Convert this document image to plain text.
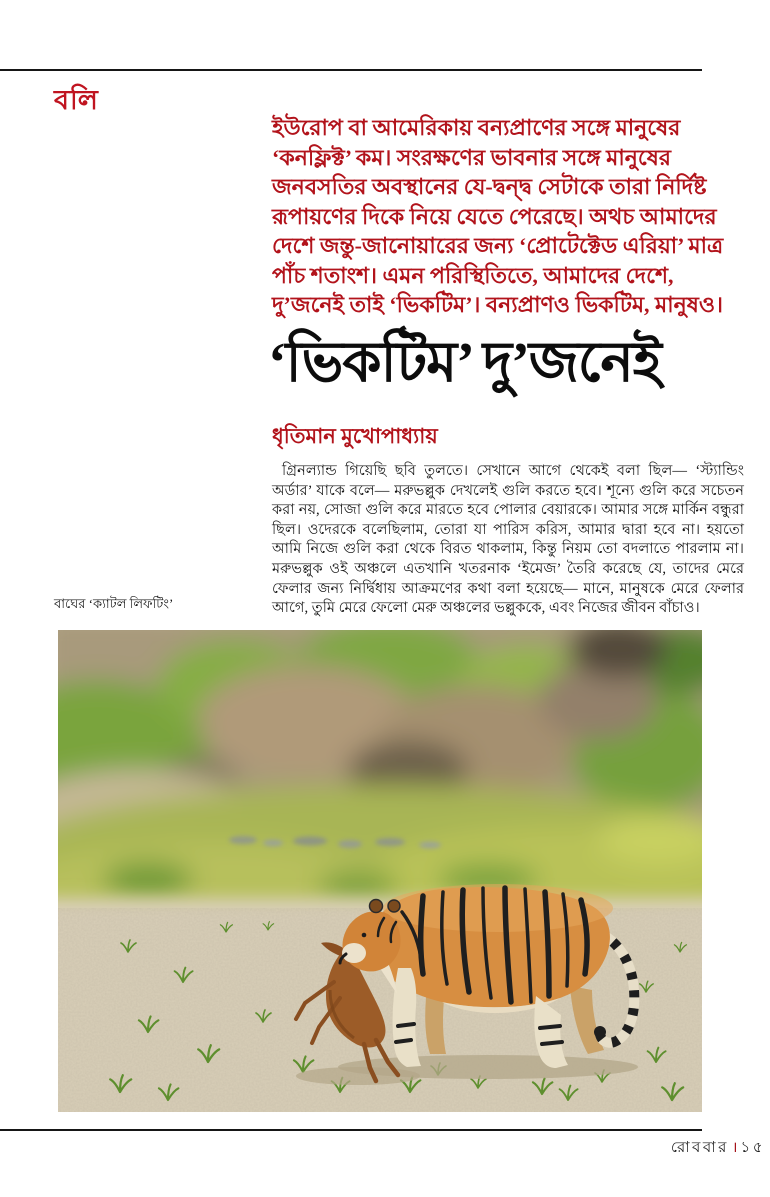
বলি
ইউরোপ বা আমেরিকায় বন্যপ্রাণের সঙ্গে মানুষের ‘কনফ্লিক্ট’ কম। সংরক্ষণের ভাবনার সঙ্গে মানুষের জনবসতির অবস্থানের যে-দ্বন্দ্ব সেটাকে তারা নির্দিষ্ট রূপায়ণের দিকে নিয়ে যেতে পেরেছে। অথচ আমাদের দেশে জন্তু-জানোয়ারের জন্য ‘প্রোটেক্টেড এরিয়া’ মাত্র পাঁচ শতাংশ। এমন পরিস্থিতিতে, আমাদের দেশে, দু’জনেই তাই ‘ভিকটিম’। বন্যপ্রাণও ভিকটিম, মানুষও।
‘ভিকটিম’ দু’জনেই
ধৃতিমান মুখোপাধ্যায়
গ্রিনল্যান্ড গিয়েছি ছবি তুলতে। সেখানে আগে থেকেই বলা ছিল— ‘স্ট্যান্ডিং অর্ডার’ যাকে বলে— মরুভল্লুক দেখলেই গুলি করতে হবে। শূন্যে গুলি করে সচেতন করা নয়, সোজা গুলি করে মারতে হবে পোলার বেয়ারকে। আমার সঙ্গে মার্কিন বন্ধুরা ছিল। ওদেরকে বলেছিলাম, তোরা যা পারিস করিস, আমার দ্বারা হবে না। হয়তো আমি নিজে গুলি করা থেকে বিরত থাকলাম, কিন্তু নিয়ম তো বদলাতে পারলাম না। মরুভল্লুক ওই অঞ্চলে এতখানি খতরনাক ‘ইমেজ’ তৈরি করেছে যে, তাদের মেরে ফেলার জন্য নির্দ্বিধায় আক্রমণের কথা বলা হয়েছে— মানে, মানুষকে মেরে ফেলার আগে, তুমি মেরে ফেলো মেরু অঞ্চলের ভল্লুককে, এবং নিজের জীবন বাঁচাও।
বাঘের ‘ক্যাটল লিফটিং’
রোববার । ১৫
